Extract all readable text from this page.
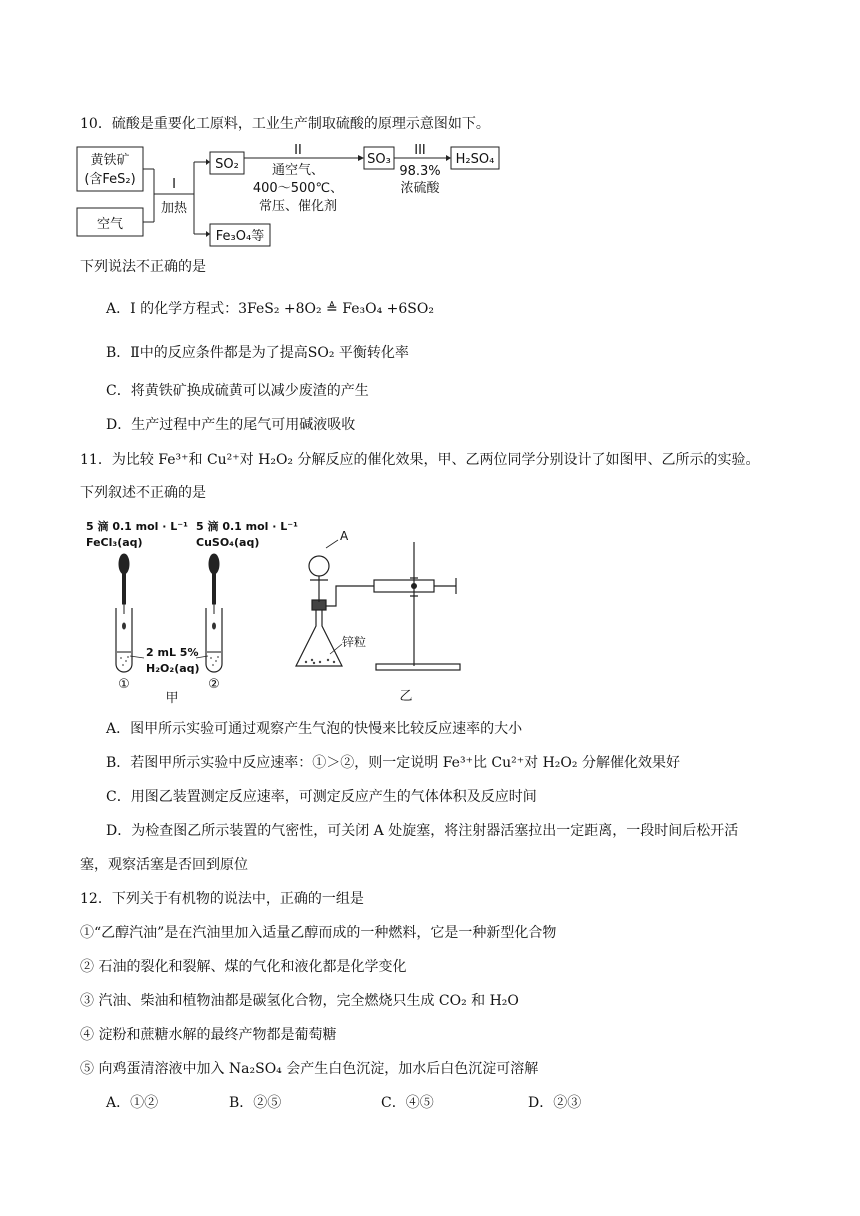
10．硫酸是重要化工原料，工业生产制取硫酸的原理示意图如下。
黄铁矿
(含FeS₂)
空气
I
加热
SO₂
Fe₃O₄等
II
通空气、
400～500℃、
常压、催化剂
SO₃
III
98.3%
浓硫酸
H₂SO₄
下列说法不正确的是
A．I 的化学方程式：3FeS₂ +8O₂ ≜ Fe₃O₄ +6SO₂
B．Ⅱ中的反应条件都是为了提高SO₂ 平衡转化率
C．将黄铁矿换成硫黄可以减少废渣的产生
D．生产过程中产生的尾气可用碱液吸收
11．为比较 Fe³⁺和 Cu²⁺对 H₂O₂ 分解反应的催化效果，甲、乙两位同学分别设计了如图甲、乙所示的实验。
下列叙述不正确的是
5 滴 0.1 mol · L⁻¹
FeCl₃(aq)
5 滴 0.1 mol · L⁻¹
CuSO₄(aq)
2 mL 5%
H₂O₂(aq)
①	②
甲
A
锌粒
乙
A．图甲所示实验可通过观察产生气泡的快慢来比较反应速率的大小
B．若图甲所示实验中反应速率：①＞②，则一定说明 Fe³⁺比 Cu²⁺对 H₂O₂ 分解催化效果好
C．用图乙装置测定反应速率，可测定反应产生的气体体积及反应时间
D．为检查图乙所示装置的气密性，可关闭 A 处旋塞，将注射器活塞拉出一定距离，一段时间后松开活
塞，观察活塞是否回到原位
12．下列关于有机物的说法中，正确的一组是
①“乙醇汽油”是在汽油里加入适量乙醇而成的一种燃料，它是一种新型化合物
② 石油的裂化和裂解、煤的气化和液化都是化学变化
③ 汽油、柴油和植物油都是碳氢化合物，完全燃烧只生成 CO₂ 和 H₂O
④ 淀粉和蔗糖水解的最终产物都是葡萄糖
⑤ 向鸡蛋清溶液中加入 Na₂SO₄ 会产生白色沉淀，加水后白色沉淀可溶解
A．①②	B．②⑤	C．④⑤	D．②③
